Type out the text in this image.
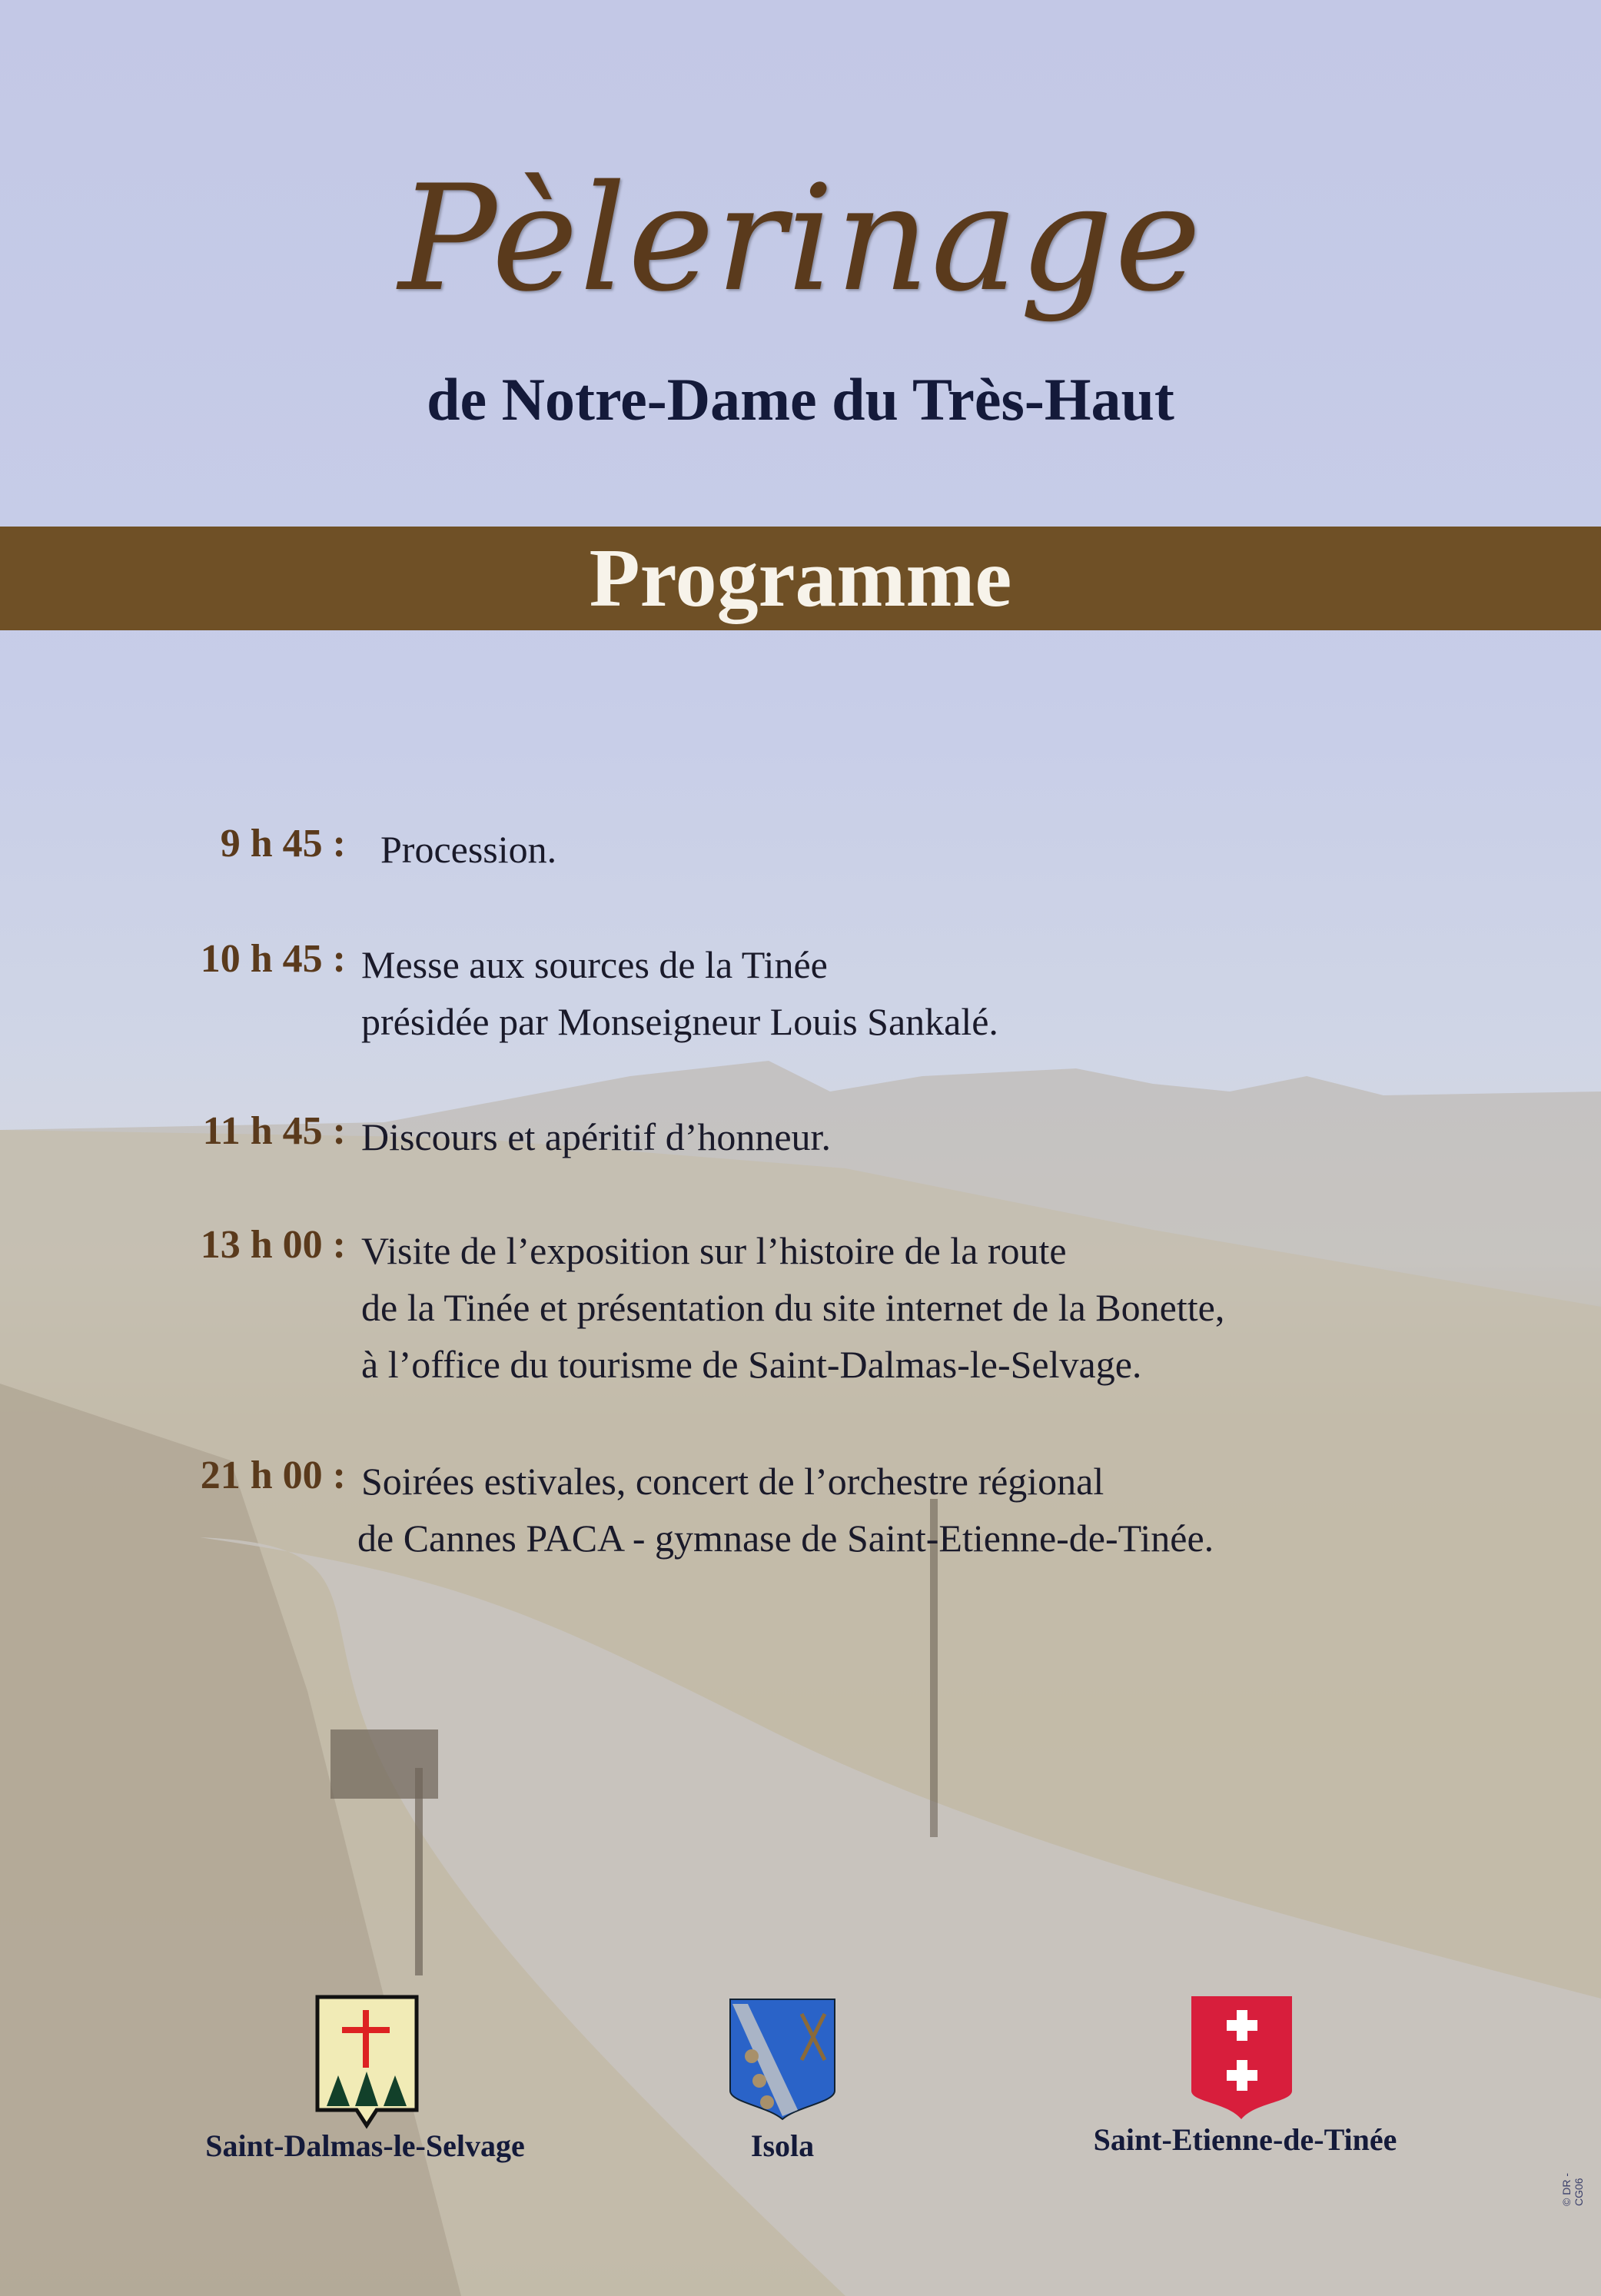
Pèlerinage
de Notre-Dame du Très-Haut
Programme
9 h 45 : Procession.
10 h 45 : Messe aux sources de la Tinée
présidée par Monseigneur Louis Sankalé.
11 h 45 : Discours et apéritif d’honneur.
13 h 00 : Visite de l’exposition sur l’histoire de la route
de la Tinée et présentation du site internet de la Bonette,
à l’office du tourisme de Saint-Dalmas-le-Selvage.
21 h 00 : Soirées estivales, concert de l’orchestre régional
de Cannes PACA - gymnase de Saint-Etienne-de-Tinée.
Saint-Dalmas-le-Selvage	Isola	Saint-Etienne-de-Tinée
© DR - CG06
